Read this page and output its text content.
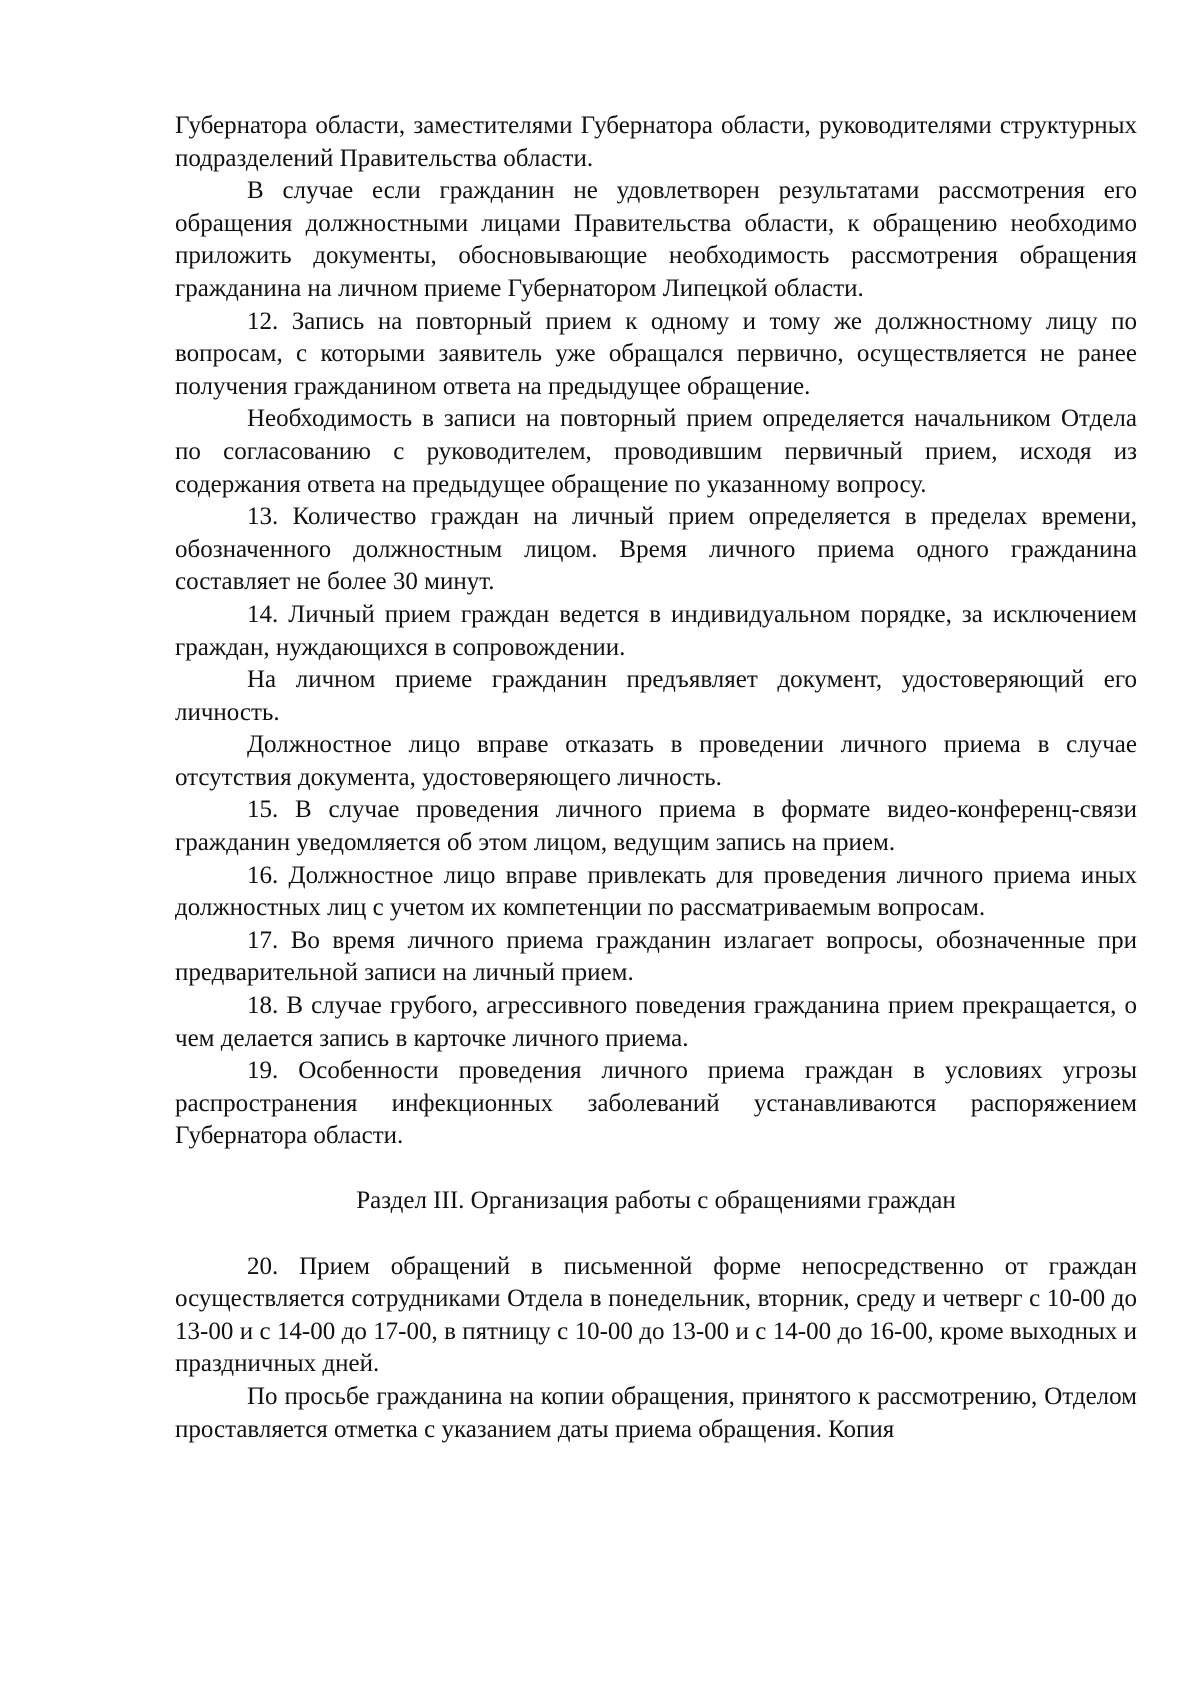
Губернатора области, заместителями Губернатора области, руководителями структурных подразделений Правительства области.

В случае если гражданин не удовлетворен результатами рассмотрения его обращения должностными лицами Правительства области, к обращению необходимо приложить документы, обосновывающие необходимость рассмотрения обращения гражданина на личном приеме Губернатором Липецкой области.

12. Запись на повторный прием к одному и тому же должностному лицу по вопросам, с которыми заявитель уже обращался первично, осуществляется не ранее получения гражданином ответа на предыдущее обращение.

Необходимость в записи на повторный прием определяется начальником Отдела по согласованию с руководителем, проводившим первичный прием, исходя из содержания ответа на предыдущее обращение по указанному вопросу.

13. Количество граждан на личный прием определяется в пределах времени, обозначенного должностным лицом. Время личного приема одного гражданина составляет не более 30 минут.

14. Личный прием граждан ведется в индивидуальном порядке, за исключением граждан, нуждающихся в сопровождении.

На личном приеме гражданин предъявляет документ, удостоверяющий его личность.

Должностное лицо вправе отказать в проведении личного приема в случае отсутствия документа, удостоверяющего личность.

15. В случае проведения личного приема в формате видео-конференц-связи гражданин уведомляется об этом лицом, ведущим запись на прием.

16. Должностное лицо вправе привлекать для проведения личного приема иных должностных лиц с учетом их компетенции по рассматриваемым вопросам.

17. Во время личного приема гражданин излагает вопросы, обозначенные при предварительной записи на личный прием.

18. В случае грубого, агрессивного поведения гражданина прием прекращается, о чем делается запись в карточке личного приема.

19. Особенности проведения личного приема граждан в условиях угрозы распространения инфекционных заболеваний устанавливаются распоряжением Губернатора области.

Раздел III. Организация работы с обращениями граждан

20. Прием обращений в письменной форме непосредственно от граждан осуществляется сотрудниками Отдела в понедельник, вторник, среду и четверг с 10-00 до 13-00 и с 14-00 до 17-00, в пятницу с 10-00 до 13-00 и с 14-00 до 16-00, кроме выходных и праздничных дней.

По просьбе гражданина на копии обращения, принятого к рассмотрению, Отделом проставляется отметка с указанием даты приема обращения. Копия
